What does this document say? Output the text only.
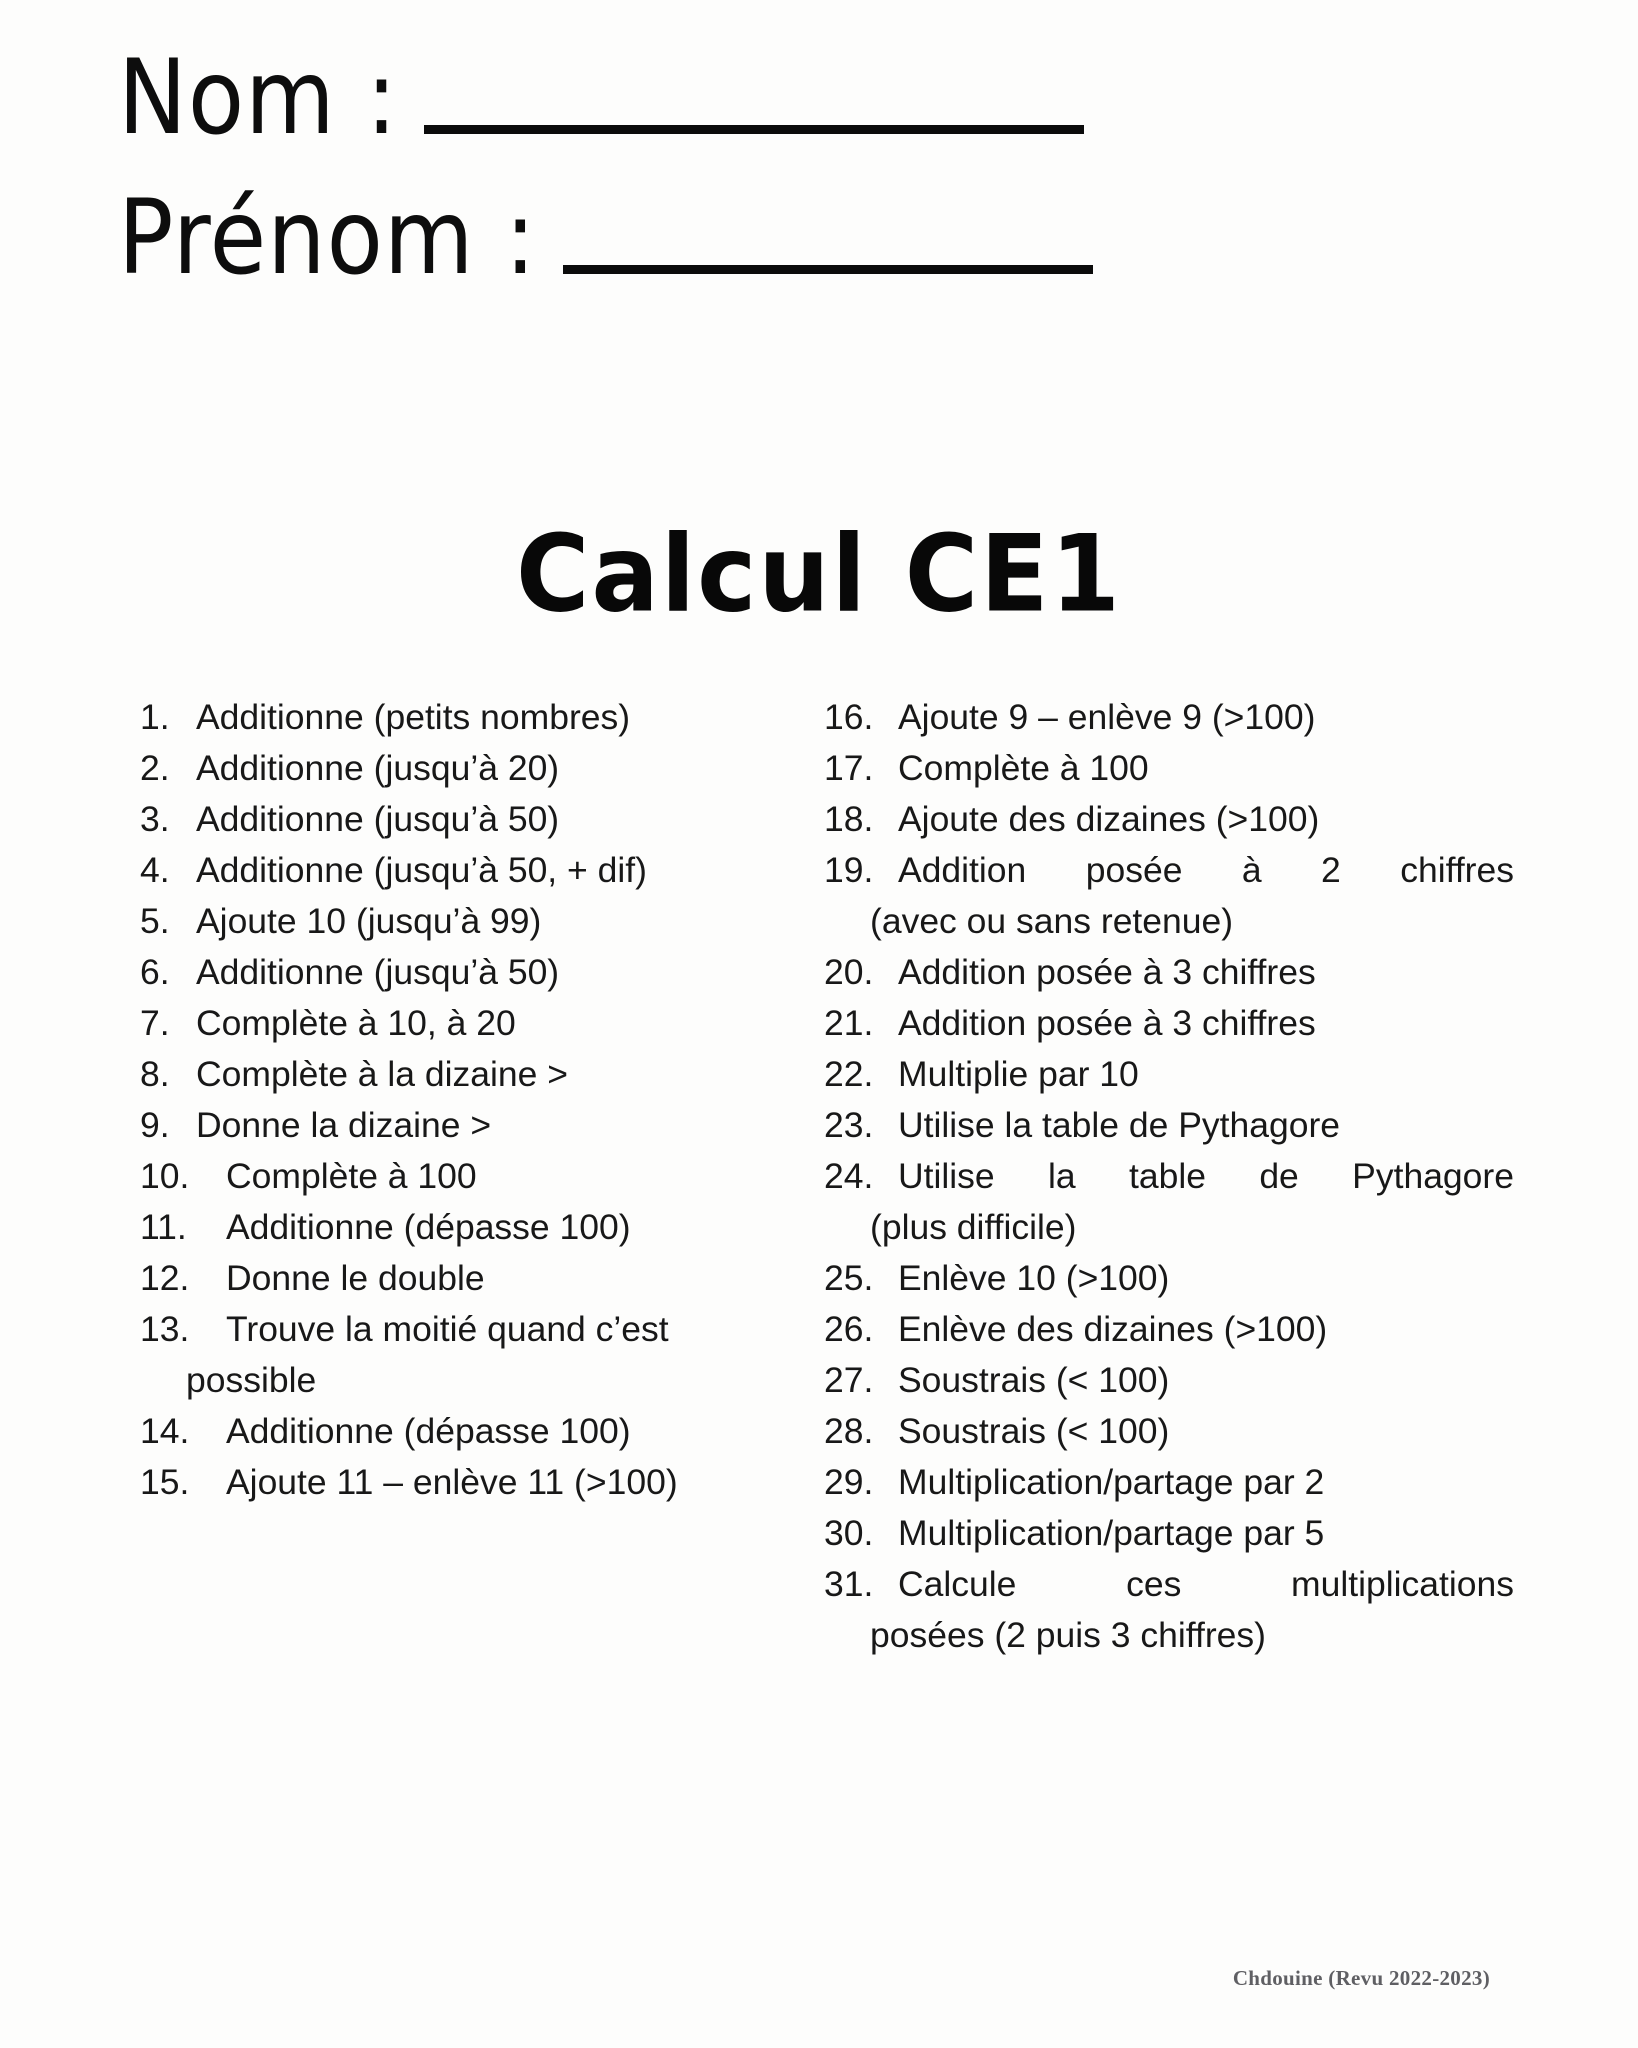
Nom :
Prénom :
Calcul CE1
1. Additionne (petits nombres)
2. Additionne (jusqu’à 20)
3. Additionne (jusqu’à 50)
4. Additionne (jusqu’à 50, + dif)
5. Ajoute 10 (jusqu’à 99)
6. Additionne (jusqu’à 50)
7. Complète à 10, à 20
8. Complète à la dizaine >
9. Donne la dizaine >
10.	Complète à 100
11.	Additionne (dépasse 100)
12.	Donne le double
13.	Trouve la moitié quand c’est
possible
14.	Additionne (dépasse 100)
15.	Ajoute 11 – enlève 11 (>100)
16. Ajoute 9 – enlève 9 (>100)
17. Complète à 100
18. Ajoute des dizaines (>100)
19. Addition posée à 2 chiffres
(avec ou sans retenue)
20. Addition posée à 3 chiffres
21. Addition posée à 3 chiffres
22. Multiplie par 10
23. Utilise la table de Pythagore
24. Utilise la table de Pythagore
(plus difficile)
25. Enlève 10 (>100)
26. Enlève des dizaines (>100)
27. Soustrais (< 100)
28. Soustrais (< 100)
29. Multiplication/partage par 2
30. Multiplication/partage par 5
31. Calcule ces multiplications
posées (2 puis 3 chiffres)
Chdouine (Revu 2022-2023)
